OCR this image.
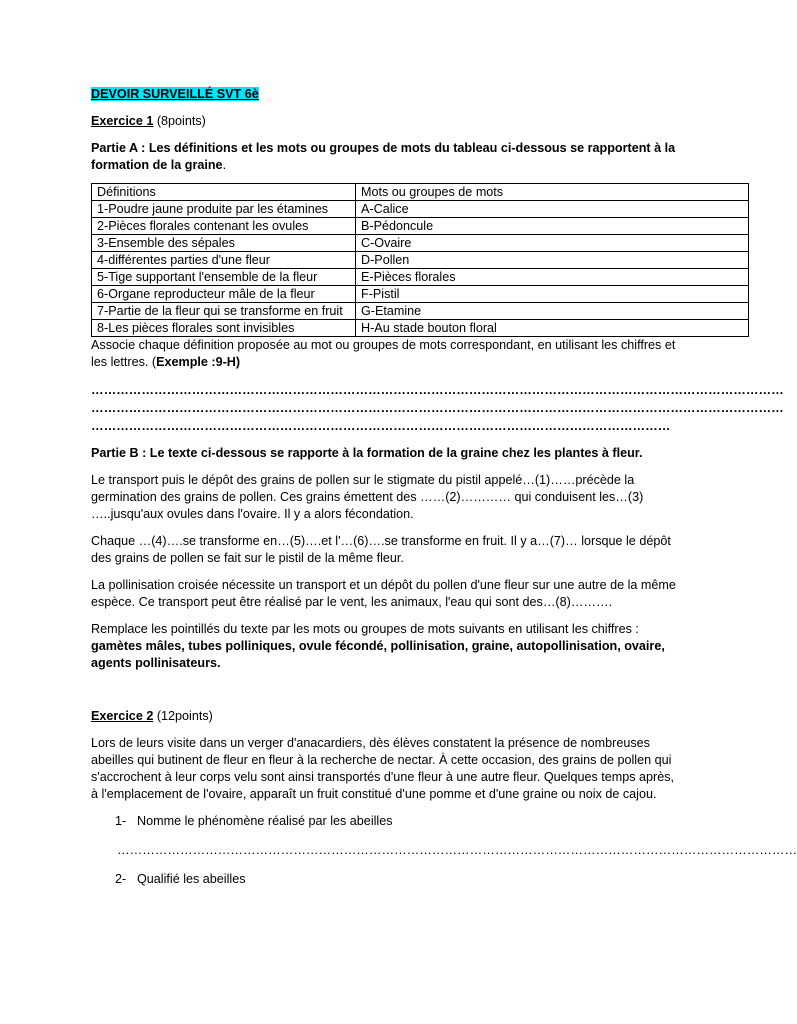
DEVOIR SURVEILLÉ SVT 6è

Exercice 1 (8points)

Partie A : Les définitions et les mots ou groupes de mots du tableau ci-dessous se rapportent à la formation de la graine.

Définitions	Mots ou groupes de mots
1-Poudre jaune produite par les étamines	A-Calice
2-Pièces florales contenant les ovules	B-Pédoncule
3-Ensemble des sépales	C-Ovaire
4-différentes parties d'une fleur	D-Pollen
5-Tige supportant l'ensemble de la fleur	E-Pièces florales
6-Organe reproducteur mâle de la fleur	F-Pistil
7-Partie de la fleur qui se transforme en fruit	G-Etamine
8-Les pièces florales sont invisibles	H-Au stade bouton floral

Associe chaque définition proposée au mot ou groupes de mots correspondant, en utilisant les chiffres et les lettres. (Exemple :9-H)

…………………………………………………………………………………………………………………………………………………
…………………………………………………………………………………………………………………………………………………
…………………………………………………………………………………………………………………………

Partie B : Le texte ci-dessous se rapporte à la formation de la graine chez les plantes à fleur.

Le transport puis le dépôt des grains de pollen sur le stigmate du pistil appelé…(1)……précède la germination des grains de pollen. Ces grains émettent des ……(2)………… qui conduisent les…(3) …..jusqu'aux ovules dans l'ovaire. Il y a alors fécondation.

Chaque …(4)….se transforme en…(5)….et l'…(6)….se transforme en fruit. Il y a…(7)… lorsque le dépôt des grains de pollen se fait sur le pistil de la même fleur.

La pollinisation croisée nécessite un transport et un dépôt du pollen d'une fleur sur une autre de la même espèce. Ce transport peut être réalisé par le vent, les animaux, l'eau qui sont des…(8)……….

Remplace les pointillés du texte par les mots ou groupes de mots suivants en utilisant les chiffres : gamètes mâles, tubes polliniques, ovule fécondé, pollinisation, graine, autopollinisation, ovaire, agents pollinisateurs.

Exercice 2 (12points)

Lors de leurs visite dans un verger d'anacardiers, dès élèves constatent la présence de nombreuses abeilles qui butinent de fleur en fleur à la recherche de nectar. À cette occasion, des grains de pollen qui s'accrochent à leur corps velu sont ainsi transportés d'une fleur à une autre fleur. Quelques temps après, à l'emplacement de l'ovaire, apparaît un fruit constitué d'une pomme et d'une graine ou noix de cajou.

1- Nomme le phénomène réalisé par les abeilles
………………………………………………………………………………………………………………………………………………
2- Qualifié les abeilles
